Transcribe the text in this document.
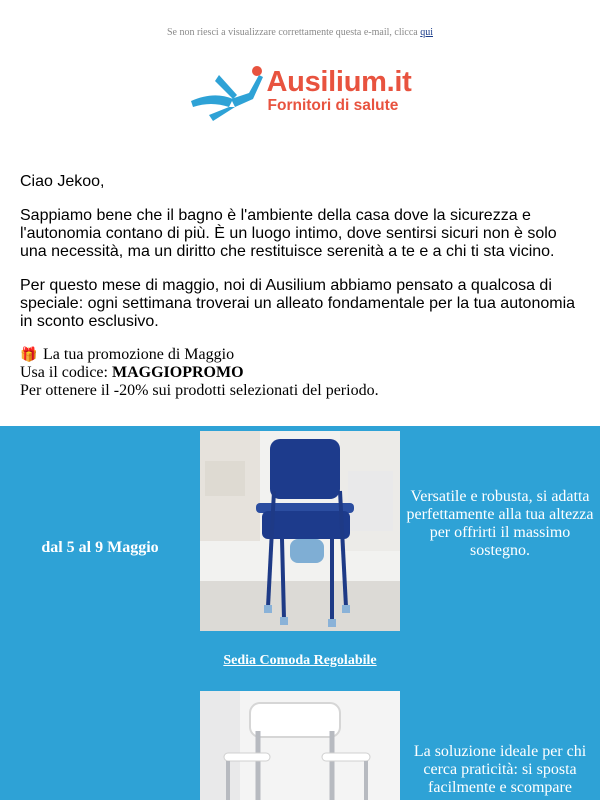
Se non riesci a visualizzare correttamente questa e-mail, clicca qui
Ausilium.it
Fornitori di salute

Ciao Jekoo,

Sappiamo bene che il bagno è l'ambiente della casa dove la sicurezza e l'autonomia contano di più. È un luogo intimo, dove sentirsi sicuri non è solo una necessità, ma un diritto che restituisce serenità a te e a chi ti sta vicino.

Per questo mese di maggio, noi di Ausilium abbiamo pensato a qualcosa di speciale: ogni settimana troverai un alleato fondamentale per la tua autonomia in sconto esclusivo.

🎁 La tua promozione di Maggio
Usa il codice: MAGGIOPROMO
Per ottenere il -20% sui prodotti selezionati del periodo.
dal 5 al 9 Maggio
Versatile e robusta, si adatta perfettamente alla tua altezza per offrirti il massimo sostegno.
Sedia Comoda Regolabile
La soluzione ideale per chi cerca praticità: si sposta facilmente e scompare
